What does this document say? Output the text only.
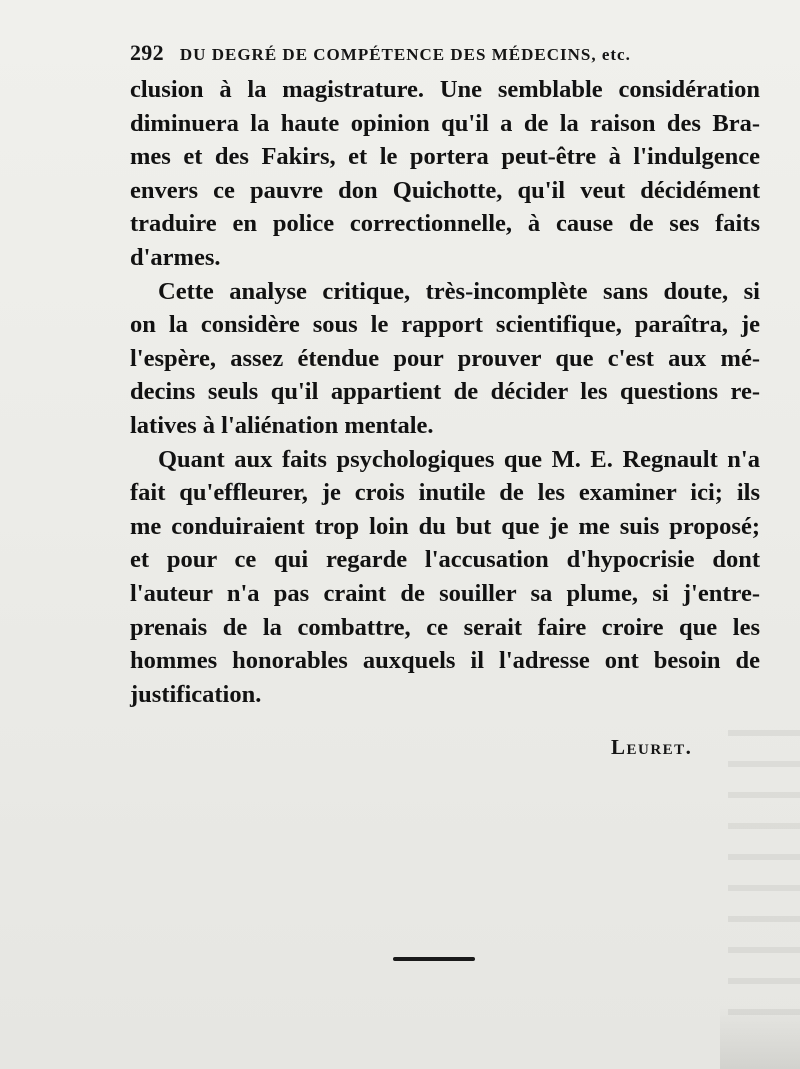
292 DU DEGRÉ DE COMPÉTENCE DES MÉDECINS, etc.
clusion à la magistrature. Une semblable considération
diminuera la haute opinion qu'il a de la raison des Bra-
mes et des Fakirs, et le portera peut-être à l'indulgence
envers ce pauvre don Quichotte, qu'il veut décidément
traduire en police correctionnelle, à cause de ses faits
d'armes.
Cette analyse critique, très-incomplète sans doute, si
on la considère sous le rapport scientifique, paraîtra, je
l'espère, assez étendue pour prouver que c'est aux mé-
decins seuls qu'il appartient de décider les questions re-
latives à l'aliénation mentale.
Quant aux faits psychologiques que M. E. Regnault n'a
fait qu'effleurer, je crois inutile de les examiner ici; ils
me conduiraient trop loin du but que je me suis proposé;
et pour ce qui regarde l'accusation d'hypocrisie dont
l'auteur n'a pas craint de souiller sa plume, si j'entre-
prenais de la combattre, ce serait faire croire que les
hommes honorables auxquels il l'adresse ont besoin de
justification.
Leuret.
